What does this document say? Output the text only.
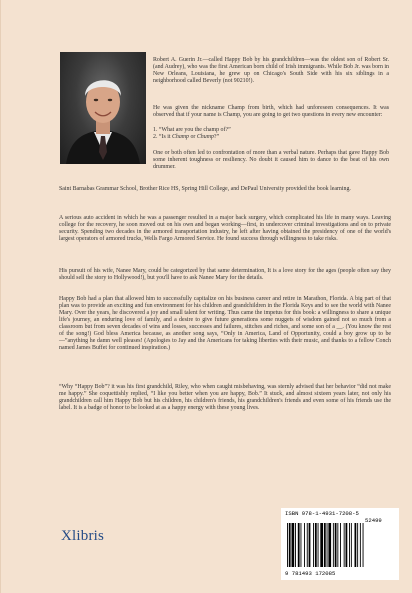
Robert A. Guerin Jr.—called Happy Bob by his grandchildren—was the oldest son of Robert Sr. (and Audrey), who was the first American born child of Irish immigrants. While Bob Jr. was born in New Orleans, Louisiana, he grew up on Chicago's South Side with his six siblings in a neighborhood called Beverly (not 90210!).
He was given the nickname Champ from birth, which had unforeseen consequences. It was observed that if your name is Champ, you are going to get two questions in every new encounter:
1. “What are you the champ of?”
2. “Is it Champ or Chump?”
One or both often led to confrontation of more than a verbal nature. Perhaps that gave Happy Bob some inherent toughness or resiliency. No doubt it caused him to dance to the beat of his own drummer.
Saint Barnabas Grammar School, Brother Rice HS, Spring Hill College, and DePaul University provided the book learning.
A serious auto accident in which he was a passenger resulted in a major back surgery, which complicated his life in many ways. Leaving college for the recovery, he soon moved out on his own and began working—first, in undercover criminal investigations and on to private security. Spending two decades in the armored transportation industry, he left after having obtained the presidency of one of the world's largest operators of armored trucks, Wells Fargo Armored Service. He found success through willingness to take risks.
His pursuit of his wife, Nanee Mary, could be categorized by that same determination, It is a love story for the ages (people often say they should sell the story to Hollywood!), but you'll have to ask Nanee Mary for the details.
Happy Bob had a plan that allowed him to successfully capitalize on his business career and retire in Marathon, Florida. A big part of that plan was to provide an exciting and fun environment for his children and grandchildren in the Florida Keys and to see the world with Nanee Mary. Over the years, he discovered a joy and small talent for writing. Thus came the impetus for this book: a willingness to share a unique life's journey, an enduring love of family, and a desire to give future generations some nuggets of wisdom gained not so much from a classroom but from seven decades of wins and losses, successes and failures, stitches and riches, and some son of a __. (You know the rest of the song!) God bless America because, as another song says, “Only in America, Land of Opportunity, could a boy grow up to be—”anything he damn well pleases! (Apologies to Jay and the Americans for taking liberties with their music, and thanks to a fellow Conch named James Buffet for continued inspiration.)
“Why “Happy Bob”? it was his first grandchild, Riley, who when caught misbehaving, was sternly advised that her behavior “did not make me happy.” She coquettishly replied, “I like you better when you are happy, Bob.” It stuck, and almost sixteen years later, not only his grandchildren call him Happy Bob but his children, his children's friends, his grandchildren's friends and even some of his friends use the label. It is a badge of honor to be looked at as a happy energy with these young lives.
Xlibris
ISBN 978-1-4931-7208-5
52499
9 781493 172085
